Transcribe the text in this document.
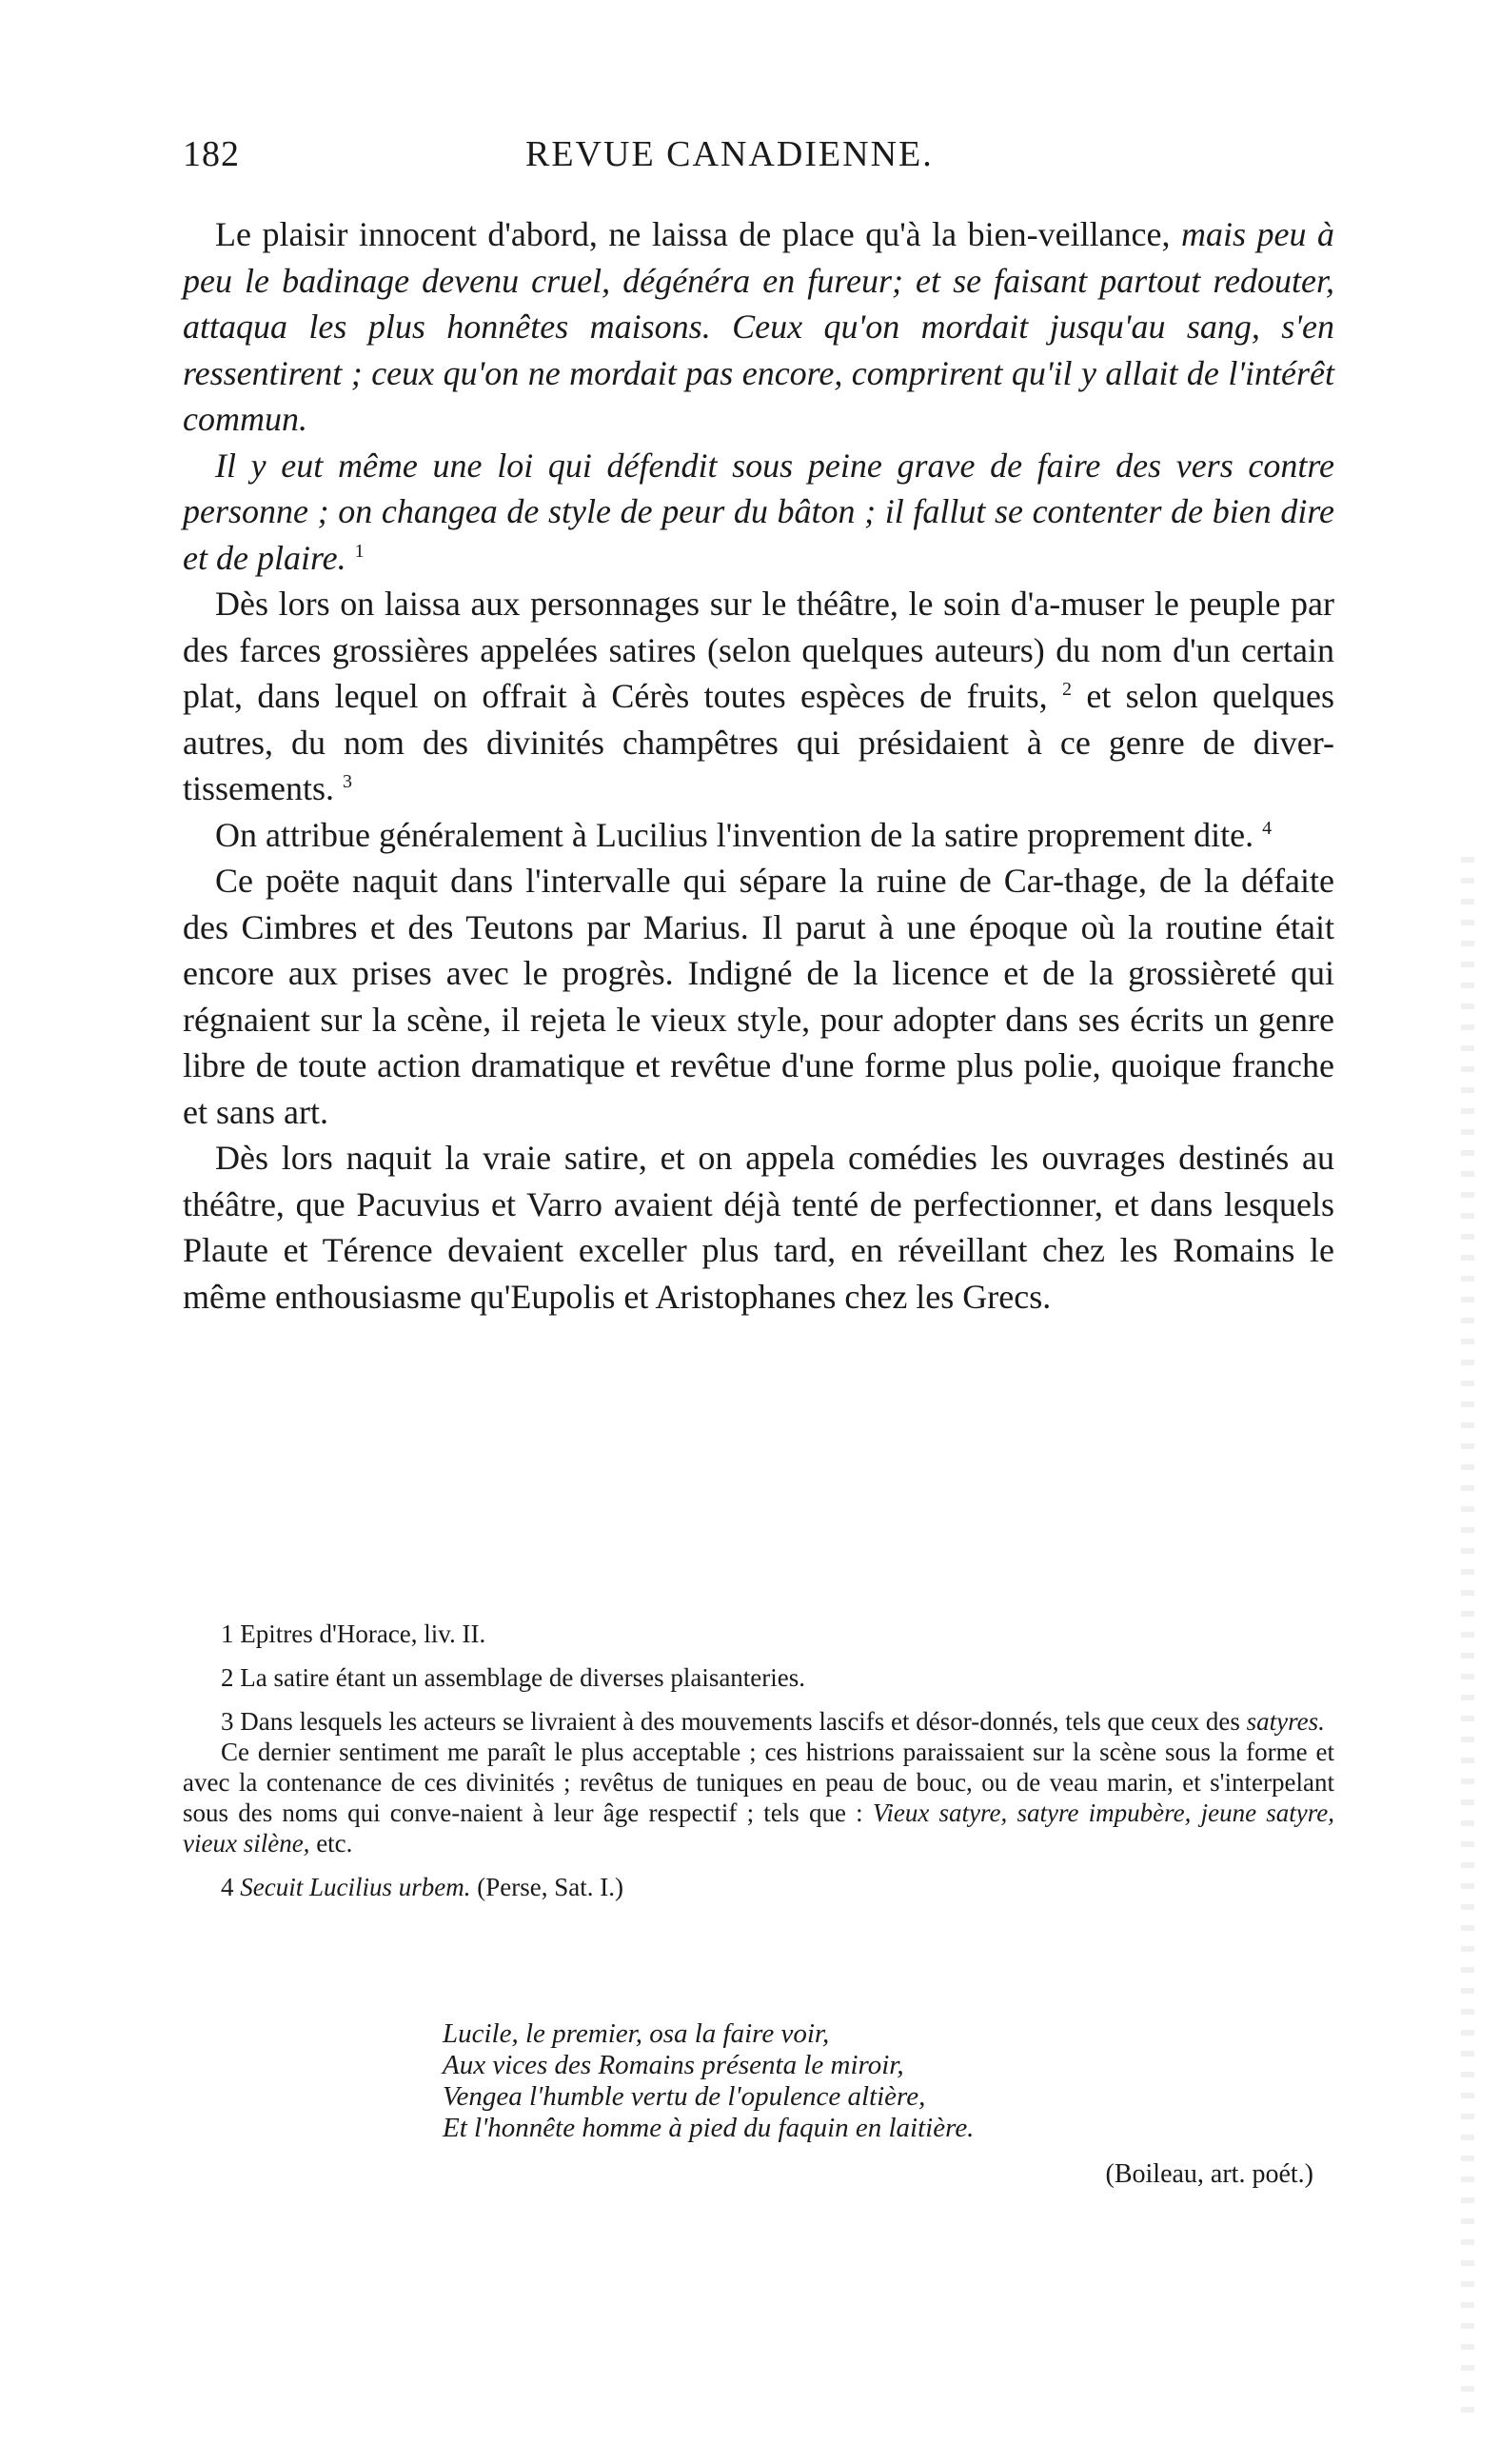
182	REVUE CANADIENNE.

Le plaisir innocent d'abord, ne laissa de place qu'à la bien-veillance, mais peu à peu le badinage devenu cruel, dégénéra en fureur; et se faisant partout redouter, attaqua les plus honnêtes maisons. Ceux qu'on mordait jusqu'au sang, s'en ressentirent ; ceux qu'on ne mordait pas encore, comprirent qu'il y allait de l'intérêt commun.

Il y eut même une loi qui défendit sous peine grave de faire des vers contre personne ; on changea de style de peur du bâton ; il fallut se contenter de bien dire et de plaire. $^1$

Dès lors on laissa aux personnages sur le théâtre, le soin d'a-muser le peuple par des farces grossières appelées satires (selon quelques auteurs) du nom d'un certain plat, dans lequel on offrait à Cérès toutes espèces de fruits, $^2$ et selon quelques autres, du nom des divinités champêtres qui présidaient à ce genre de diver-tissements. $^3$

On attribue généralement à Lucilius l'invention de la satire proprement dite. $^4$

Ce poëte naquit dans l'intervalle qui sépare la ruine de Car-thage, de la défaite des Cimbres et des Teutons par Marius. Il parut à une époque où la routine était encore aux prises avec le progrès. Indigné de la licence et de la grossièreté qui régnaient sur la scène, il rejeta le vieux style, pour adopter dans ses écrits un genre libre de toute action dramatique et revêtue d'une forme plus polie, quoique franche et sans art.

Dès lors naquit la vraie satire, et on appela comédies les ouvrages destinés au théâtre, que Pacuvius et Varro avaient déjà tenté de perfectionner, et dans lesquels Plaute et Térence devaient exceller plus tard, en réveillant chez les Romains le même enthousiasme qu'Eupolis et Aristophanes chez les Grecs.

1 Epitres d'Horace, liv. II.

2 La satire étant un assemblage de diverses plaisanteries.

3 Dans lesquels les acteurs se livraient à des mouvements lascifs et désor-donnés, tels que ceux des satyres.

Ce dernier sentiment me paraît le plus acceptable ; ces histrions paraissaient sur la scène sous la forme et avec la contenance de ces divinités ; revêtus de tuniques en peau de bouc, ou de veau marin, et s'interpelant sous des noms qui conve-naient à leur âge respectif ; tels que : Vieux satyre, satyre impubère, jeune satyre, vieux silène, etc.

4 Secuit Lucilius urbem. (Perse, Sat. I.)

Lucile, le premier, osa la faire voir,
Aux vices des Romains présenta le miroir,
Vengea l'humble vertu de l'opulence altière,
Et l'honnête homme à pied du faquin en laitière.
(Boileau, art. poét.)
